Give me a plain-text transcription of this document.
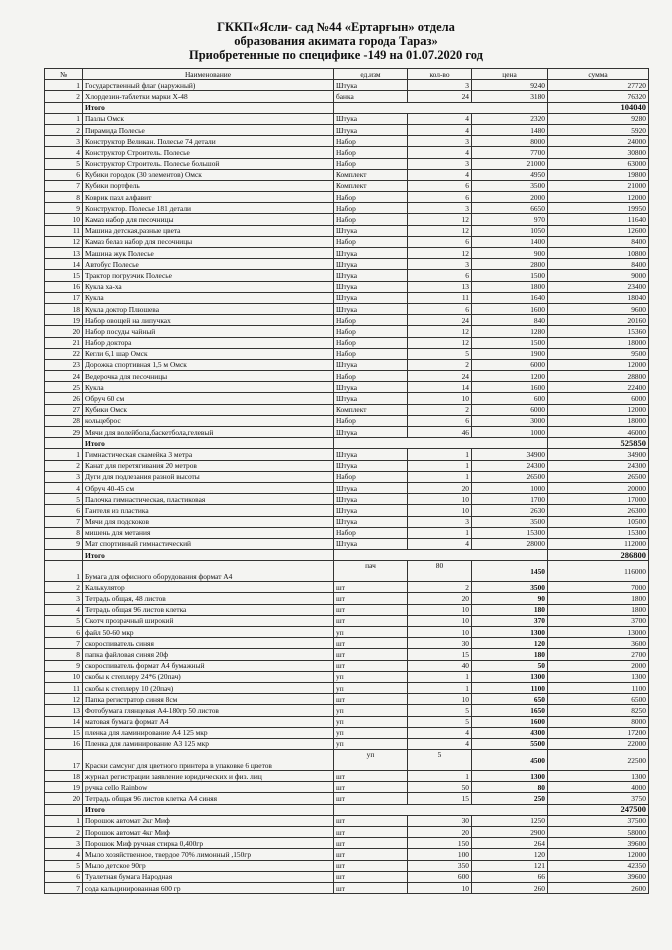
ГККП«Ясли- сад №44 «Ертарғын» отдела
образования акимата города Тараз»
Приобретенные по спецификe -149 на 01.07.2020 год
№	Наименование	ед.изм	кол-во	цена	сумма
1	Государственный флаг (наружный)	Штука	3	9240	27720
2	Хлордезин-таблетки марки Х-48	банка	24	3180	76320
	Итого				104040
1	Пазлы Омск	Штука	4	2320	9280
2	Пирамида Полесье	Штука	4	1480	5920
3	Конструктор Великан. Полесье 74 детали	Набор	3	8000	24000
4	Конструктор Строитель. Полесье	Набор	4	7700	30800
5	Конструктор Строитель. Полесье большой	Набор	3	21000	63000
6	Кубики городок (30 элементов) Омск	Комплект	4	4950	19800
7	Кубики портфель	Комплект	6	3500	21000
8	Коврик пазл алфавит	Набор	6	2000	12000
9	Конструктор. Полесье 181 детали	Набор	3	6650	19950
10	Камаз набор для песочницы	Набор	12	970	11640
11	Машина детская,разные цвета	Штука	12	1050	12600
12	Камаз белаз набор для песочницы	Набор	6	1400	8400
13	Машина жук Полесье	Штука	12	900	10800
14	Автобус Полесье	Штука	3	2800	8400
15	Трактор погрузчик Полесье	Штука	6	1500	9000
16	Кукла ха-ха	Штука	13	1800	23400
17	Кукла	Штука	11	1640	18040
18	Кукла доктор Плюшева	Штука	6	1600	9600
19	Набор овощей на липучках	Набор	24	840	20160
20	Набор посуды чайный	Набор	12	1280	15360
21	Набор доктора	Набор	12	1500	18000
22	Кегли 6,1 шар Омск	Набор	5	1900	9500
23	Дорожка спортивная 1,5 м Омск	Штука	2	6000	12000
24	Ведерочка для песочницы	Набор	24	1200	28800
25	Кукла	Штука	14	1600	22400
26	Обруч 60 см	Штука	10	600	6000
27	Кубики Омск	Комплект	2	6000	12000
28	кольцеброс	Набор	6	3000	18000
29	Мячи для волейбола,баскетбола,гелевый	Штука	46	1000	46000
	Итого				525850
1	Гимнастическая скамейка 3 метра	Штука	1	34900	34900
2	Канат для перетягивания 20 метров	Штука	1	24300	24300
3	Дуги для подлезания разной высоты	Набор	1	26500	26500
4	Обруч 40-45 см	Штука	20	1000	20000
5	Палочка гимнастическая, пластиковая	Штука	10	1700	17000
6	Гантеля из пластика	Штука	10	2630	26300
7	Мячи для подскоков	Штука	3	3500	10500
8	мишень для метания	Набор	1	15300	15300
9	Мат спортивный гимнастический	Штука	4	28000	112000
	Итого				286800
1	Бумага для офисного оборудования формат А4	пач	80	1450	116000
2	Калькулятор	шт	2	3500	7000
3	Тетрадь общая, 48 листов	шт	20	90	1800
4	Тетрадь общая 96 листов клетка	шт	10	180	1800
5	Скотч прозрачный широкий	шт	10	370	3700
6	файл 50-60 мкр	уп	10	1300	13000
7	скороспиватель синяя	шт	30	120	3600
8	папка файловая синяя 20ф	шт	15	180	2700
9	скороспиватель формат А4 бумажный	шт	40	50	2000
10	скобы к степлеру 24*6 (20пач)	уп	1	1300	1300
11	скобы к степлеру 10 (20пач)	уп	1	1100	1100
12	Папка регистратор синяя 8см	шт	10	650	6500
13	Фотобумага глянцевая А4-180гр 50 листов	уп	5	1650	8250
14	матовая бумага формат А4	уп	5	1600	8000
15	пленка для ламинирование А4 125 мкр	уп	4	4300	17200
16	Пленка для ламинирование А3 125 мкр	уп	4	5500	22000
17	Краски самсунг для цветного принтера в упаковке 6 цветов	уп	5	4500	22500
18	журнал регистрации заявление юридических и физ. лиц	шт	1	1300	1300
19	ручка cello Rainbow	шт	50	80	4000
20	Тетрадь общая 96 листов клетка А4 синяя	шт	15	250	3750
	Итого				247500
1	Порошок автомат 2кг Миф	шт	30	1250	37500
2	Порошок автомат 4кг Миф	шт	20	2900	58000
3	Порошок Миф ручная стирка 0,400гр	шт	150	264	39600
4	Мыло хозяйственное, твердое 70% лимонный ,150гр	шт	100	120	12000
5	Мыло детское 90гр	шт	350	121	42350
6	Туалетная бумага Народная	шт	600	66	39600
7	сода кальцинированная 600 гр	шт	10	260	2600
